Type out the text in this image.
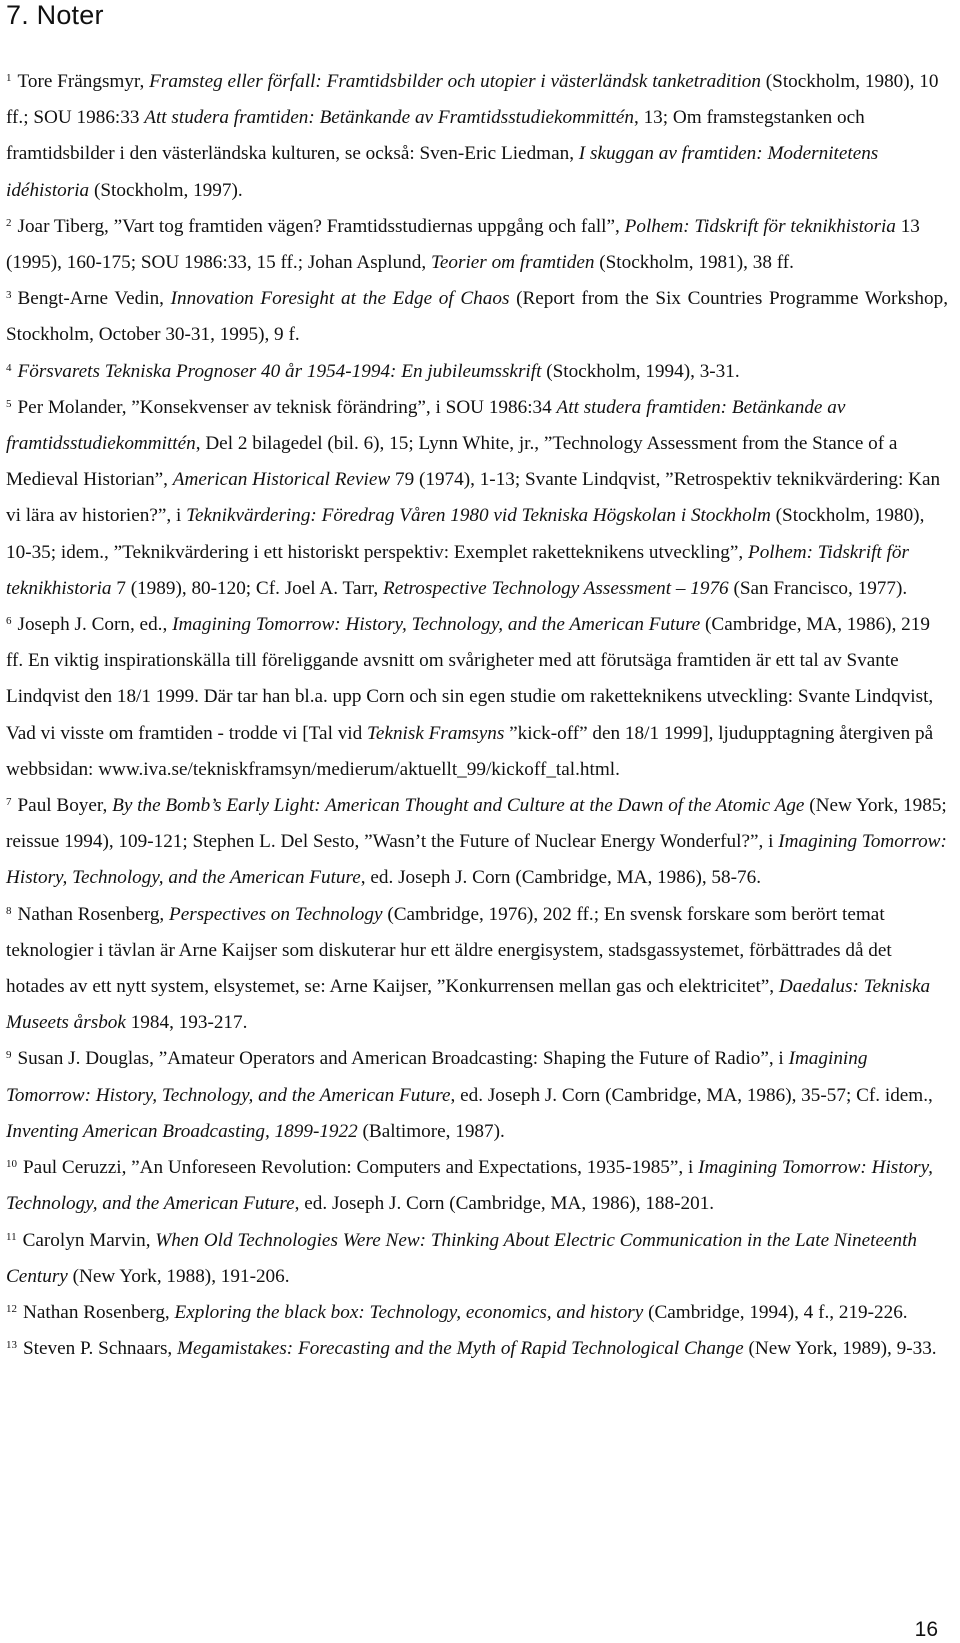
7. Noter

$^1$ Tore Frängsmyr, Framsteg eller förfall: Framtidsbilder och utopier i västerländsk tanketradition (Stockholm, 1980), 10 ff.; SOU 1986:33 Att studera framtiden: Betänkande av Framtidsstudiekommittén, 13; Om framstegstanken och framtidsbilder i den västerländska kulturen, se också: Sven-Eric Liedman, I skuggan av framtiden: Modernitetens idéhistoria (Stockholm, 1997).

$^2$ Joar Tiberg, ”Vart tog framtiden vägen? Framtidsstudiernas uppgång och fall”, Polhem: Tidskrift för teknikhistoria 13 (1995), 160-175; SOU 1986:33, 15 ff.; Johan Asplund, Teorier om framtiden (Stockholm, 1981), 38 ff.

$^3$ Bengt-Arne Vedin, Innovation Foresight at the Edge of Chaos (Report from the Six Countries Programme Workshop, Stockholm, October 30-31, 1995), 9 f.

$^4$ Försvarets Tekniska Prognoser 40 år 1954-1994: En jubileumsskrift (Stockholm, 1994), 3-31.

$^5$ Per Molander, ”Konsekvenser av teknisk förändring”, i SOU 1986:34 Att studera framtiden: Betänkande av framtidsstudiekommittén, Del 2 bilagedel (bil. 6), 15; Lynn White, jr., ”Technology Assessment from the Stance of a Medieval Historian”, American Historical Review 79 (1974), 1-13; Svante Lindqvist, ”Retrospektiv teknikvärdering: Kan vi lära av historien?”, i Teknikvärdering: Föredrag Våren 1980 vid Tekniska Högskolan i Stockholm (Stockholm, 1980), 10-35; idem., ”Teknikvärdering i ett historiskt perspektiv: Exemplet raketteknikens utveckling”, Polhem: Tidskrift för teknikhistoria 7 (1989), 80-120; Cf. Joel A. Tarr, Retrospective Technology Assessment – 1976 (San Francisco, 1977).

$^6$ Joseph J. Corn, ed., Imagining Tomorrow: History, Technology, and the American Future (Cambridge, MA, 1986), 219 ff. En viktig inspirationskälla till föreliggande avsnitt om svårigheter med att förutsäga framtiden är ett tal av Svante Lindqvist den 18/1 1999. Där tar han bl.a. upp Corn och sin egen studie om raketteknikens utveckling: Svante Lindqvist, Vad vi visste om framtiden - trodde vi [Tal vid Teknisk Framsyns ”kick-off” den 18/1 1999], ljudupptagning återgiven på webbsidan: www.iva.se/tekniskframsyn/medierum/aktuellt_99/kickoff_tal.html.

$^7$ Paul Boyer, By the Bomb’s Early Light: American Thought and Culture at the Dawn of the Atomic Age (New York, 1985; reissue 1994), 109-121; Stephen L. Del Sesto, ”Wasn’t the Future of Nuclear Energy Wonderful?”, i Imagining Tomorrow: History, Technology, and the American Future, ed. Joseph J. Corn (Cambridge, MA, 1986), 58-76.

$^8$ Nathan Rosenberg, Perspectives on Technology (Cambridge, 1976), 202 ff.; En svensk forskare som berört temat teknologier i tävlan är Arne Kaijser som diskuterar hur ett äldre energisystem, stadsgassystemet, förbättrades då det hotades av ett nytt system, elsystemet, se: Arne Kaijser, ”Konkurrensen mellan gas och elektricitet”, Daedalus: Tekniska Museets årsbok 1984, 193-217.

$^9$ Susan J. Douglas, ”Amateur Operators and American Broadcasting: Shaping the Future of Radio”, i Imagining Tomorrow: History, Technology, and the American Future, ed. Joseph J. Corn (Cambridge, MA, 1986), 35-57; Cf. idem., Inventing American Broadcasting, 1899-1922 (Baltimore, 1987).

$^{10}$ Paul Ceruzzi, ”An Unforeseen Revolution: Computers and Expectations, 1935-1985”, i Imagining Tomorrow: History, Technology, and the American Future, ed. Joseph J. Corn (Cambridge, MA, 1986), 188-201.

$^{11}$ Carolyn Marvin, When Old Technologies Were New: Thinking About Electric Communication in the Late Nineteenth Century (New York, 1988), 191-206.

$^{12}$ Nathan Rosenberg, Exploring the black box: Technology, economics, and history (Cambridge, 1994), 4 f., 219-226.

$^{13}$ Steven P. Schnaars, Megamistakes: Forecasting and the Myth of Rapid Technological Change (New York, 1989), 9-33.

16
